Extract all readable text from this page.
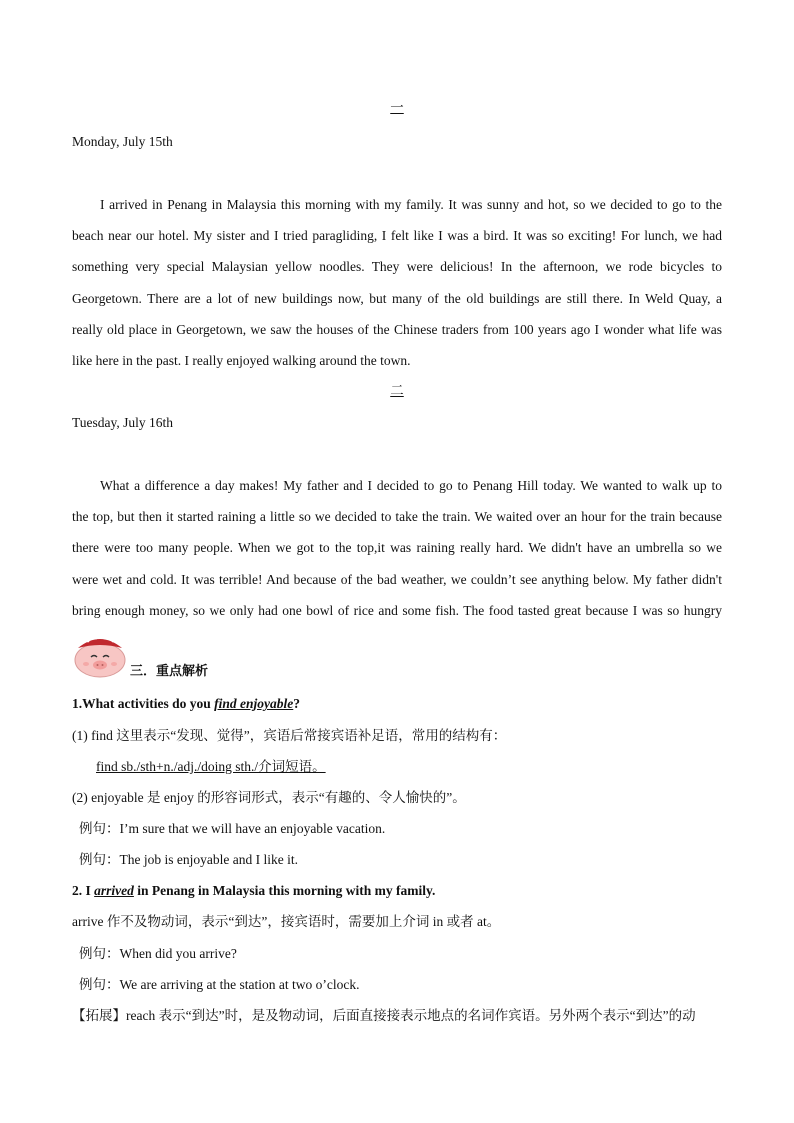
一
Monday, July 15th
I arrived in Penang in Malaysia this morning with my family. It was sunny and hot, so we decided to go to the
beach near our hotel. My sister and I tried paragliding, I felt like I was a bird. It was so exciting! For lunch, we had
something very special Malaysian yellow noodles. They were delicious! In the afternoon, we rode bicycles to
Georgetown. There are a lot of new buildings now, but many of the old buildings are still there. In Weld Quay, a
really old place in Georgetown, we saw the houses of the Chinese traders from 100 years ago I wonder what life was
like here in the past. I really enjoyed walking around the town.
二
Tuesday, July 16th
What a difference a day makes! My father and I decided to go to Penang Hill today. We wanted to walk up to
the top, but then it started raining a little so we decided to take the train. We waited over an hour for the train because
there were too many people. When we got to the top,it was raining really hard. We didn't have an umbrella so we
were wet and cold. It was terrible! And because of the bad weather, we couldn’t see anything below. My father didn't
bring enough money, so we only had one bowl of rice and some fish. The food tasted great because I was so hungry
三．重点解析
1.What activities do you find enjoyable?
(1) find 这里表示“发现、觉得”，宾语后常接宾语补足语，常用的结构有：
find sb./sth+n./adj./doing sth./介词短语。
(2) enjoyable 是 enjoy 的形容词形式，表示“有趣的、令人愉快的”。
例句：I’m sure that we will have an enjoyable vacation.
例句：The job is enjoyable and I like it.
2. I arrived in Penang in Malaysia this morning with my family.
arrive 作不及物动词，表示“到达”，接宾语时，需要加上介词 in 或者 at。
例句：When did you arrive?
例句：We are arriving at the station at two o’clock.
【拓展】reach 表示“到达”时，是及物动词，后面直接接表示地点的名词作宾语。另外两个表示“到达”的动
